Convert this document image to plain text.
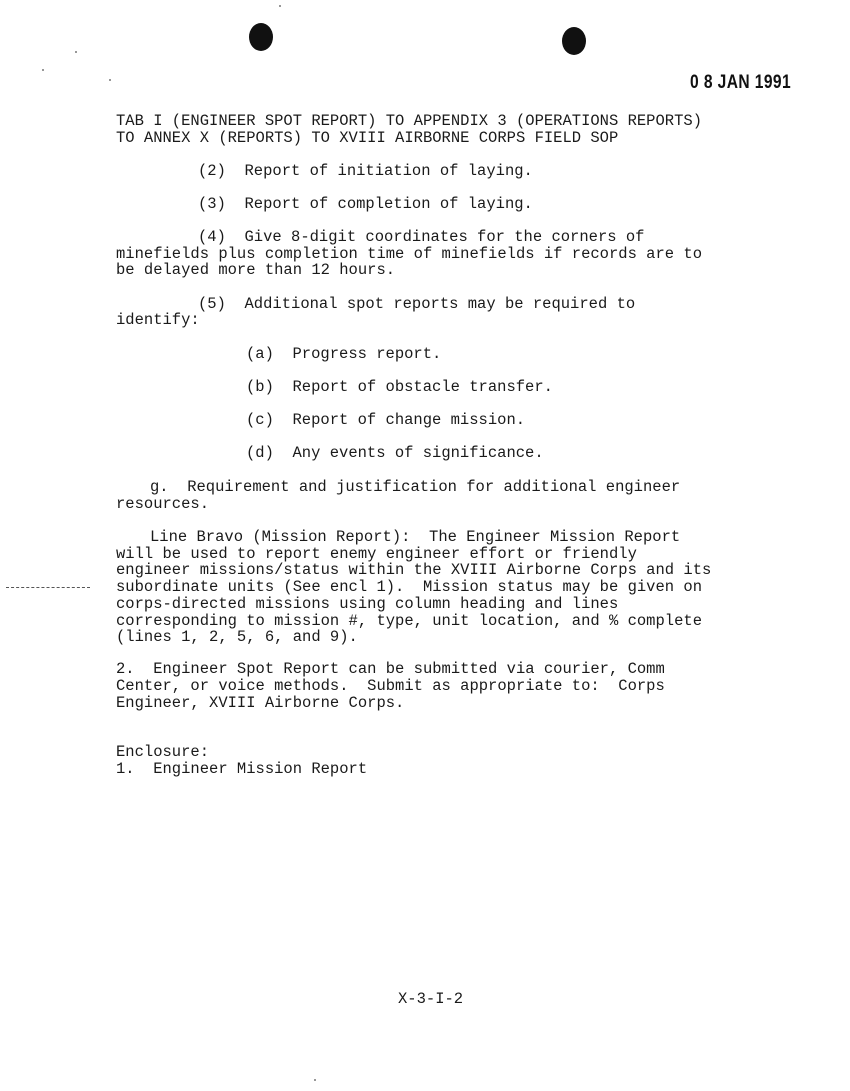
0 8 JAN 1991
TAB I (ENGINEER SPOT REPORT) TO APPENDIX 3 (OPERATIONS REPORTS)
TO ANNEX X (REPORTS) TO XVIII AIRBORNE CORPS FIELD SOP
(2)  Report of initiation of laying.
(3)  Report of completion of laying.
(4)  Give 8-digit coordinates for the corners of
minefields plus completion time of minefields if records are to
be delayed more than 12 hours.
(5)  Additional spot reports may be required to
identify:
(a)  Progress report.
(b)  Report of obstacle transfer.
(c)  Report of change mission.
(d)  Any events of significance.
g.  Requirement and justification for additional engineer
resources.
Line Bravo (Mission Report):  The Engineer Mission Report
will be used to report enemy engineer effort or friendly
engineer missions/status within the XVIII Airborne Corps and its
subordinate units (See encl 1).  Mission status may be given on
corps-directed missions using column heading and lines
corresponding to mission #, type, unit location, and % complete
(lines 1, 2, 5, 6, and 9).
2.  Engineer Spot Report can be submitted via courier, Comm
Center, or voice methods.  Submit as appropriate to:  Corps
Engineer, XVIII Airborne Corps.
Enclosure:
1.  Engineer Mission Report
X-3-I-2
